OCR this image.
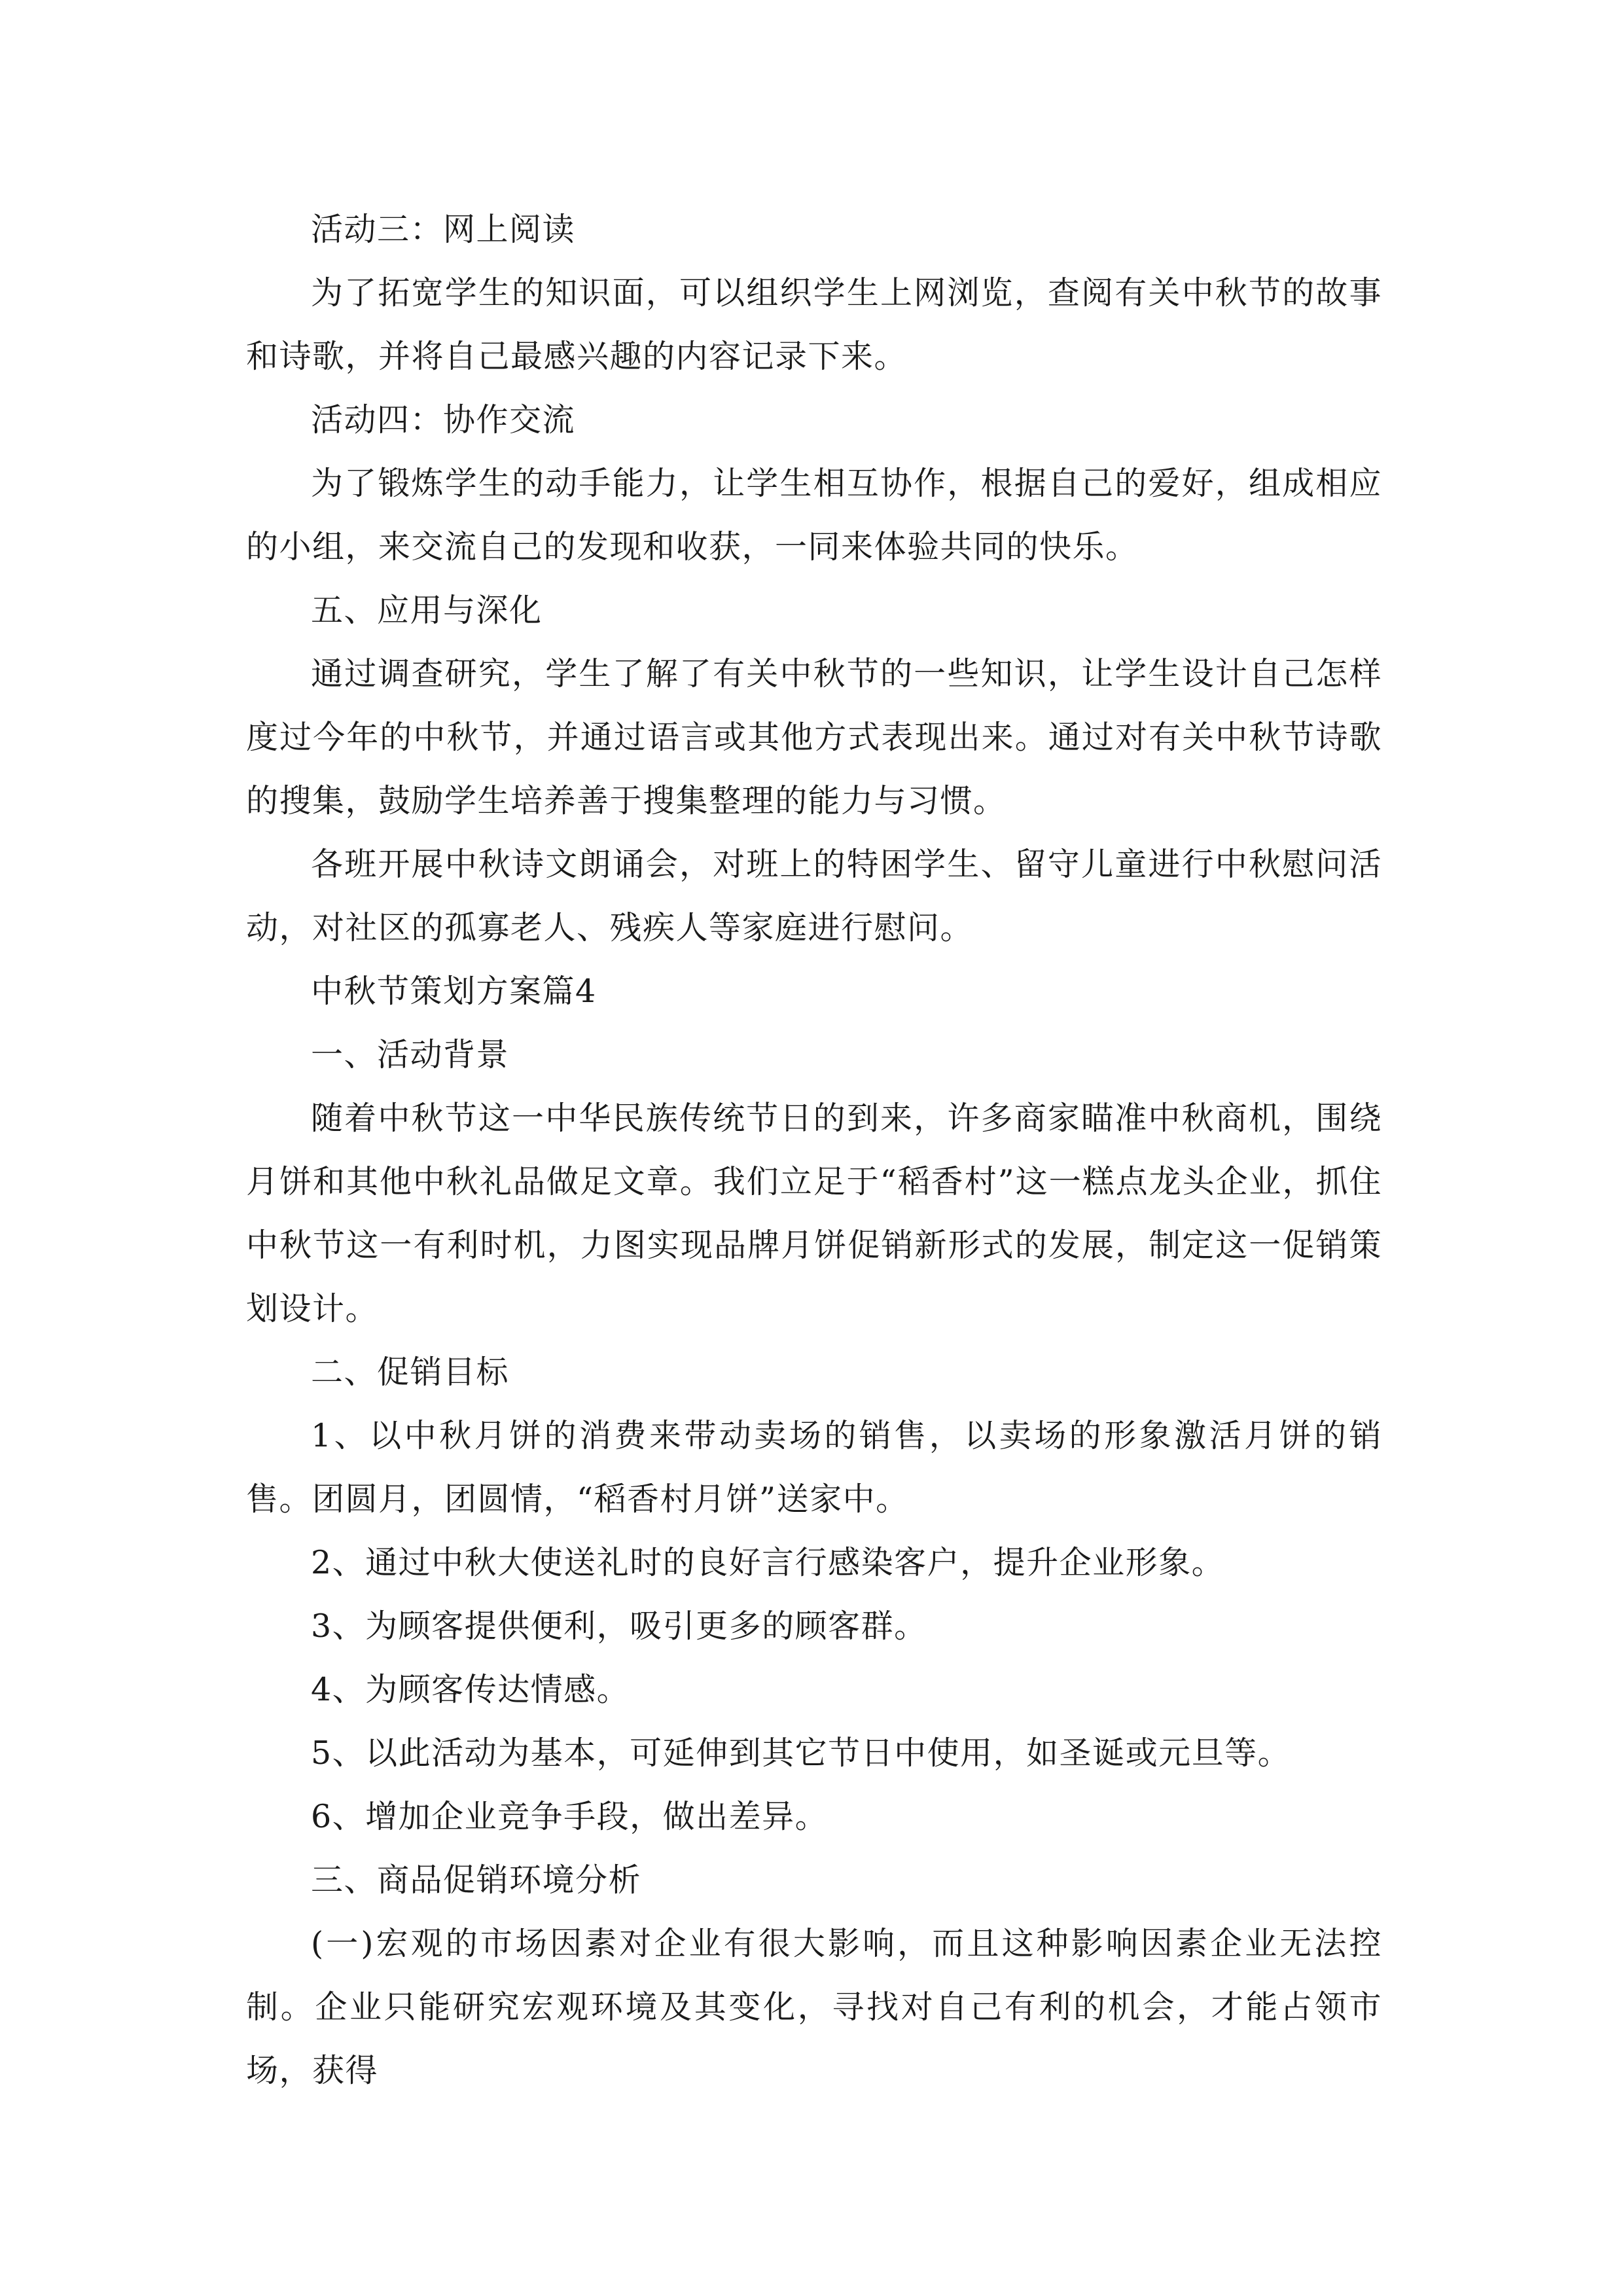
活动三：网上阅读

为了拓宽学生的知识面，可以组织学生上网浏览，查阅有关中秋节的故事和诗歌，并将自己最感兴趣的内容记录下来。

活动四：协作交流

为了锻炼学生的动手能力，让学生相互协作，根据自己的爱好，组成相应的小组，来交流自己的发现和收获，一同来体验共同的快乐。

五、应用与深化

通过调查研究，学生了解了有关中秋节的一些知识，让学生设计自己怎样度过今年的中秋节，并通过语言或其他方式表现出来。通过对有关中秋节诗歌的搜集，鼓励学生培养善于搜集整理的能力与习惯。

各班开展中秋诗文朗诵会，对班上的特困学生、留守儿童进行中秋慰问活动，对社区的孤寡老人、残疾人等家庭进行慰问。

中秋节策划方案篇4

一、活动背景

随着中秋节这一中华民族传统节日的到来，许多商家瞄准中秋商机，围绕月饼和其他中秋礼品做足文章。我们立足于“稻香村”这一糕点龙头企业，抓住中秋节这一有利时机，力图实现品牌月饼促销新形式的发展，制定这一促销策划设计。

二、促销目标

1、以中秋月饼的消费来带动卖场的销售，以卖场的形象激活月饼的销售。团圆月，团圆情，“稻香村月饼”送家中。

2、通过中秋大使送礼时的良好言行感染客户，提升企业形象。

3、为顾客提供便利，吸引更多的顾客群。

4、为顾客传达情感。

5、以此活动为基本，可延伸到其它节日中使用，如圣诞或元旦等。

6、增加企业竞争手段，做出差异。

三、商品促销环境分析

(一)宏观的市场因素对企业有很大影响，而且这种影响因素企业无法控制。企业只能研究宏观环境及其变化，寻找对自己有利的机会，才能占领市场，获得
